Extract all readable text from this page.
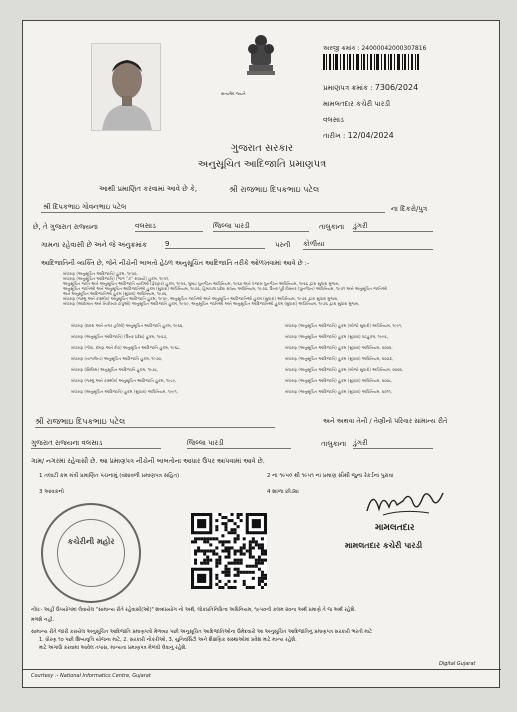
સત્યમેવ જયતે
અરજી ક્રમાંક : 24000042000307816
પ્રમાણપત્ર ક્રમાંક : 7306/2024
મામલતદાર કચેરી પારડી
વલસાડ
તારીખ : 12/04/2024
ગુજરાત સરકાર
અનુસૂચિત આદિજાતિ પ્રમાણપત્ર
આથી પ્રમાણિત કરવામાં આવે છે કે,	શ્રી રાજભાઇ દિપકભાઇ પટેલ
શ્રી દિપકભાઇ ગોવનભાઇ પટેલ	ના દિકરો/પુત્ર
છે, તે ગુજરાત રાજ્યના	વલસાડ	જિલ્લા પારડી	તાલુકાના ડુંગરી
ગામના રહેવાસી છે અને જે અનુક્રમાંક	9	પરની કોળીયા
આદિજાતિની વ્યક્તિ છે, જેને નીચેની બાબતો હેઠળ અનુસૂચિત આદિજાતિ તરીકે ઓળખવામાં આવે છે :-
બંધારણ (અનુસૂચિત આદિજાતિ) હુકમ, ૧૯૫૦,
બંધારણ (અનુસૂચિત આદિજાતિ) (ભાગ ''ક'' રાજ્યો) હુકમ, ૧૯૫૧,
અનુસૂચિત જાતિ અને અનુસૂચિત આદિજાતિ યાદીઓ (ફેરફાર) હુકમ, ૧૯૫૬, મુંબઇ પુનર્ગઠન અધિનિયમ, ૧૯૬૦ અને પંજાબ પુનર્ગઠન અધિનિયમ, ૧૯૬૬ દ્વારા સુધારા મુજબ,
અનુસૂચિત જાતિઓ અને અનુસૂચિત આદિજાતિઓ હુકમ (સુધારા) અધિનિયમ, ૧૯૭૬, હિમાચલ પ્રદેશ રાજ્ય અધિનિયમ, ૧૯૭૦, ઉત્તર પૂર્વ વિસ્તાર (પુનર્ગઠન) અધિનિયમ, ૧૯૭૧ અને અનુસૂચિત જાતિઓ
અને અનુસૂચિત આદિજાતિઓ હુકમ (સુધારા) અધિનિયમ, ૧૯૭૬,
બંધારણ (જમ્મુ અને કાશ્મીર) અનુસૂચિત આદિજાતિ હુકમ, ૧૯૫૯, અનુસૂચિત જાતિઓ અને અનુસૂચિત આદિજાતિઓ હુકમ (સુધારા) અધિનિયમ, ૧૯૭૬ દ્વારા સુધારા મુજબ,
બંધારણ (આંદામાન અને નિકોબાર ટાપુઓ) અનુસૂચિત આદિજાતિ હુકમ, ૧૯૫૯, અનુસૂચિત જાતિઓ અને અનુસૂચિત આદિજાતિઓ હુકમ (સુધારા) અધિનિયમ, ૧૯૭૬ દ્વારા સુધારા મુજબ,
બંધારણ (દાદરા અને નગર હવેલી) અનુસૂચિત આદિજાતિ હુકમ, ૧૯૬૨,
બંધારણ (અનુસૂચિત આદિજાતિ) (ઉત્તર પ્રદેશ) હુકમ, ૧૯૬૭,
બંધારણ (ગોવા, દમણ અને દીવ) અનુસૂચિત આદિજાતિ હુકમ, ૧૯૬૮,
બંધારણ (નાગાલેન્ડ) અનુસૂચિત આદિજાતિ હુકમ, ૧૯૭૦,
બંધારણ (સિક્કિમ) અનુસૂચિત આદિજાતિ હુકમ, ૧૯૭૮,
બંધારણ (જમ્મુ અને કાશ્મીર) અનુસૂચિત આદિજાતિ હુકમ, ૧૯૮૯,
બંધારણ (અનુસૂચિત આદિજાતિ) હુકમ (સુધારા) અધિનિયમ, ૧૯૯૧,
બંધારણ (અનુસૂચિત આદિજાતિ) હુકમ (બીજો સુધારો) અધિનિયમ, ૧૯૯૧,
બંધારણ (અનુસૂચિત આદિજાતિ) હુકમ (સુધારા) વટહુકમ, ૧૯૯૬,
બંધારણ (અનુસૂચિત આદિજાતિ) હુકમ (સુધારા) અધિનિયમ, ૨૦૦૨,
બંધારણ (અનુસૂચિત આદિજાતિ) હુકમ (સુધારા) અધિનિયમ, ૨૦૦૩,
બંધારણ (અનુસૂચિત આદિજાતિ) હુકમ (બીજો સુધારો) અધિનિયમ, ૨૦૦૨,
બંધારણ (અનુસૂચિત આદિજાતિ) હુકમ (સુધારા) અધિનિયમ, ૨૦૦૮,
બંધારણ (અનુસૂચિત આદિજાતિ) હુકમ (સુધારા) અધિનિયમ, ૨૦૧૧,
શ્રી રાજભાઇ દિપકભાઇ પટેલ	અને અથવા તેની / તેણીનો પરિવાર સામાન્ય રીતે
ગુજરાત રાજ્યના વલસાડ	જિલ્લા પારડી	તાલુકાના ડુંગરી
ગામ/ નગરમાં રહેવાસી છે. આ પ્રમાણપત્ર નીચેની બાબતોના આધાર ઉપર આપવામાં આવે છે.
1 તલાટી કમ મંત્રી પ્રમાણિત પંચનામું (વંશાવળી પ્રમાણપત્ર સહિત)	2 ના ૧૯૫૦ થી ૧૯૫૧ ના પ્રમાણ સૌથી જુના રેકર્ડના પુરાવા
3 આવકનો	4 શાળા છોડ્યા
કચેરીની મહોર
મામલતદાર
મામલતદાર કચેરી પારડી
નોંધ:- અહીં ઉપયોગમાં લેવાયેલ "સામાન્ય રીતે રહેવાસી(ઓ)" શબ્દપ્રયોગ નો અર્થ, લોકપ્રતિનિધિત્વ અધિનિયમ, ૧૯૫૦ની કલમ ૨૦ના અર્થ પ્રમાણે તે જ અર્થ રહેશે.
મળશે નહી.
સામાન્ય રીતે જારી કરાયેલ અનુસૂચિત આદિજાતિ પ્રમાણપત્રો મેળવ્યા પછી અનુસૂચિત આદિજાતિઓના ઉમેદવારો આ અનુસૂચિત આદિજાતિનું પ્રમાણપત્ર સરકારી ભરતી માટે
1. ધોરણ ૧૦ પછી શિષ્યવૃત્તિ યોજના માટે, 2. સરકારી નોકરીઓ, 3. યુનિવર્સિટી અને શૈક્ષણિક સંસ્થાઓમાં પ્રવેશ માટે માન્ય રહેશે.
માટે અગાઉ કરવામાં આવેલ તપાસ, માન્યતા પ્રમાણપત્ર મેળવી લેવાનું રહેશે.
Digital Gujarat
Courtesy :- National Informatics Centre, Gujarat
